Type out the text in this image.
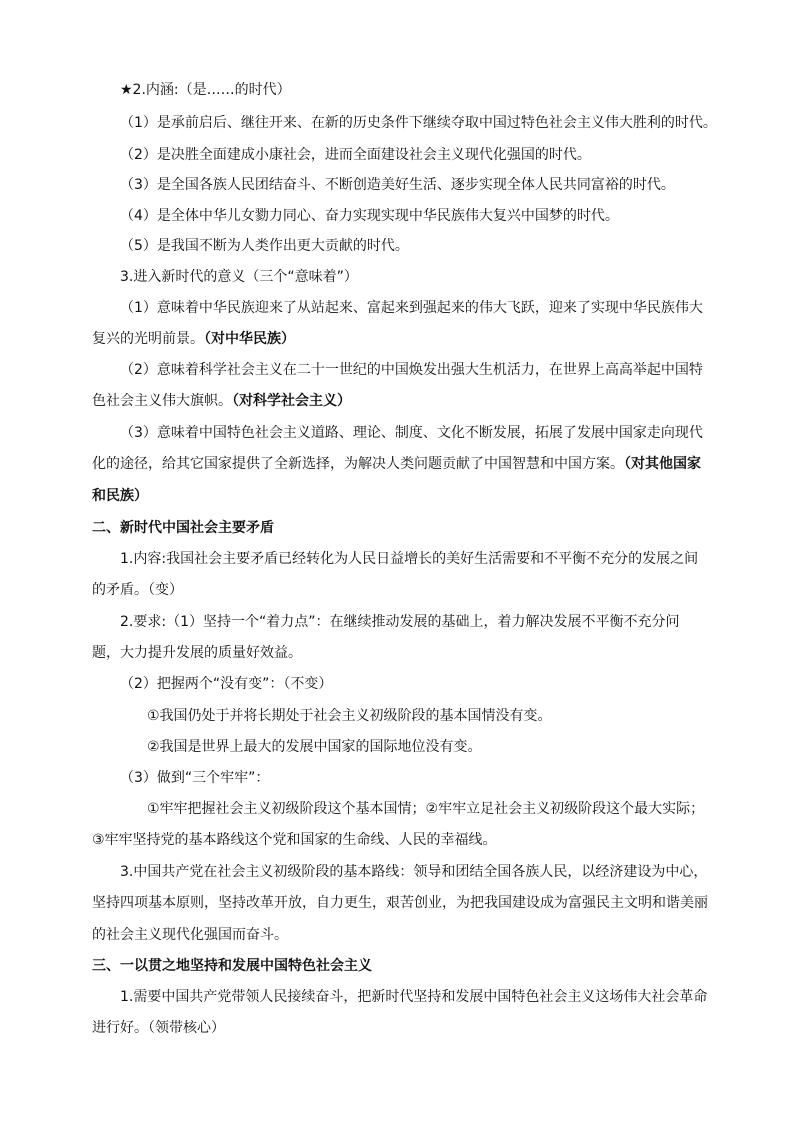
★2.内涵:（是……的时代）
（1）是承前启后、继往开来、在新的历史条件下继续夺取中国过特色社会主义伟大胜利的时代。
（2）是决胜全面建成小康社会，进而全面建设社会主义现代化强国的时代。
（3）是全国各族人民团结奋斗、不断创造美好生活、逐步实现全体人民共同富裕的时代。
（4）是全体中华儿女勠力同心、奋力实现实现中华民族伟大复兴中国梦的时代。
（5）是我国不断为人类作出更大贡献的时代。
3.进入新时代的意义（三个“意味着”）
（1）意味着中华民族迎来了从站起来、富起来到强起来的伟大飞跃，迎来了实现中华民族伟大
复兴的光明前景。（对中华民族）
（2）意味着科学社会主义在二十一世纪的中国焕发出强大生机活力，在世界上高高举起中国特
色社会主义伟大旗帜。（对科学社会主义）
（3）意味着中国特色社会主义道路、理论、制度、文化不断发展，拓展了发展中国家走向现代
化的途径，给其它国家提供了全新选择，为解决人类问题贡献了中国智慧和中国方案。（对其他国家
和民族）
二、新时代中国社会主要矛盾
1.内容:我国社会主要矛盾已经转化为人民日益增长的美好生活需要和不平衡不充分的发展之间
的矛盾。（变）
2.要求:（1）坚持一个“着力点”：在继续推动发展的基础上，着力解决发展不平衡不充分问
题，大力提升发展的质量好效益。
（2）把握两个“没有变”：（不变）
①我国仍处于并将长期处于社会主义初级阶段的基本国情没有变。
②我国是世界上最大的发展中国家的国际地位没有变。
（3）做到“三个牢牢”：
①牢牢把握社会主义初级阶段这个基本国情；②牢牢立足社会主义初级阶段这个最大实际；
③牢牢坚持党的基本路线这个党和国家的生命线、人民的幸福线。
3.中国共产党在社会主义初级阶段的基本路线：领导和团结全国各族人民，以经济建设为中心，
坚持四项基本原则，坚持改革开放，自力更生，艰苦创业，为把我国建设成为富强民主文明和谐美丽
的社会主义现代化强国而奋斗。
三、一以贯之地坚持和发展中国特色社会主义
1.需要中国共产党带领人民接续奋斗，把新时代坚持和发展中国特色社会主义这场伟大社会革命
进行好。（领带核心）
